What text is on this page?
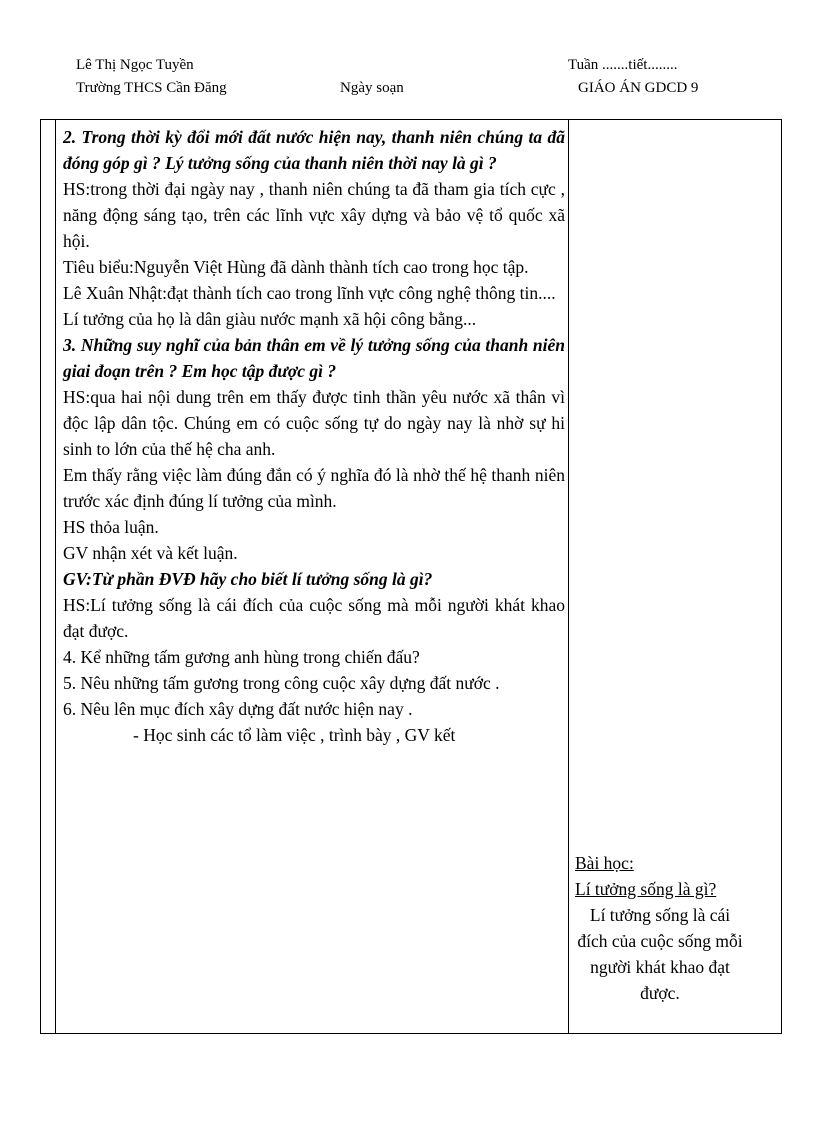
Lê Thị Ngọc Tuyền
Trường THCS Cần Đăng	Ngày soạn
Tuần .......tiết........
GIÁO ÁN GDCD 9

2. Trong thời kỳ đổi mới đất nước hiện nay, thanh niên chúng ta đã đóng góp gì ? Lý tưởng sống của thanh niên thời nay là gì ?

HS:trong thời đại ngày nay , thanh niên chúng ta đã tham gia tích cực , năng động sáng tạo, trên các lĩnh vực xây dựng và bảo vệ tổ quốc xã hội.

Tiêu biểu:Nguyễn Việt Hùng đã dành thành tích cao trong học tập.

Lê Xuân Nhật:đạt thành tích cao trong lĩnh vực công nghệ thông tin....

Lí tưởng của họ là dân giàu nước mạnh xã hội công bằng...

3. Những suy nghĩ của bản thân em về lý tưởng sống của thanh niên giai đoạn trên ? Em học tập được gì ?

HS:qua hai nội dung trên em thấy được tinh thần yêu nước xã thân vì độc lập dân tộc. Chúng em có cuộc sống tự do ngày nay là nhờ sự hi sinh to lớn của thế hệ cha anh.

Em thấy rằng việc làm đúng đắn có ý nghĩa đó là nhờ thế hệ thanh niên trước xác định đúng lí tưởng của mình.

HS thỏa luận.

GV nhận xét và kết luận.

GV:Từ phần ĐVĐ hãy cho biết lí tưởng sống là gì?

HS:Lí tưởng sống là cái đích của cuộc sống mà mỗi người khát khao đạt được.

4. Kể những tấm gương anh hùng trong chiến đấu?

5. Nêu những tấm gương trong công cuộc xây dựng đất nước .

6. Nêu lên mục đích xây dựng đất nước hiện nay .

- Học sinh các tổ làm việc , trình bày , GV kết

Bài học:

Lí tưởng sống là gì?

Lí tưởng sống là cái đích của cuộc sống mỗi người khát khao đạt được.
